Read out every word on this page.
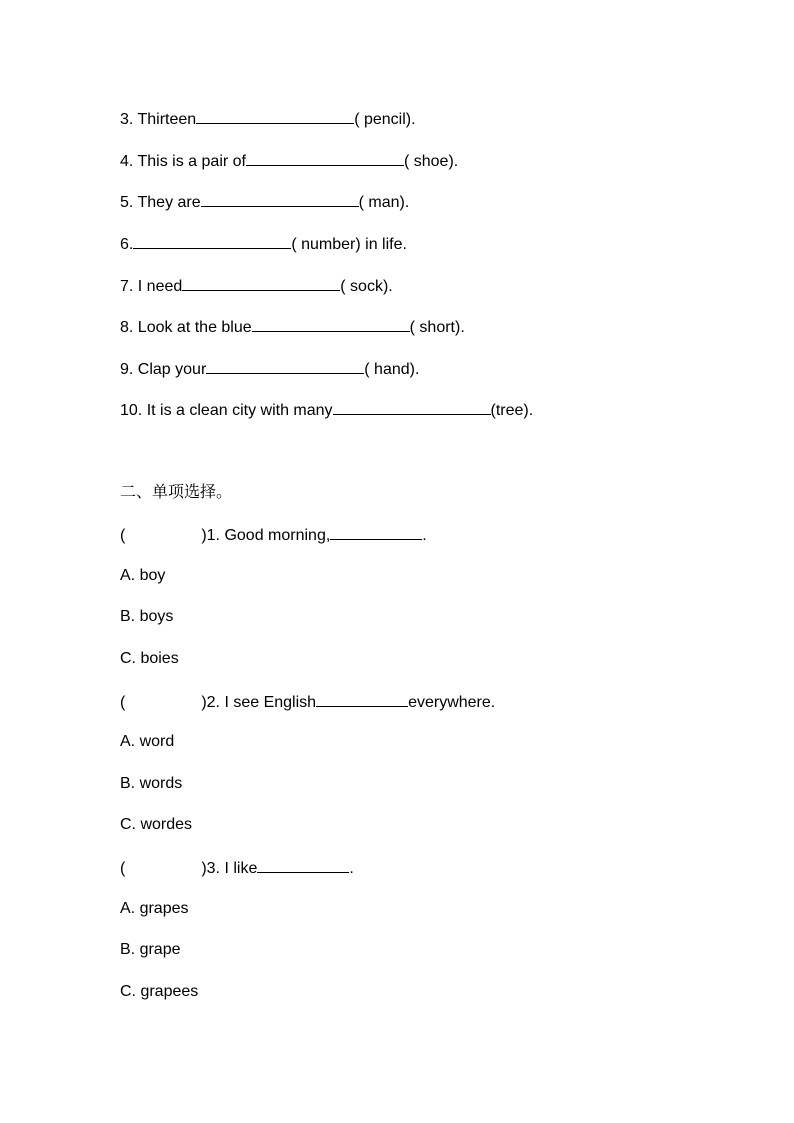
3. Thirteen	( pencil).
4. This is a pair of	( shoe).
5. They are	( man).
6.	( number) in life.
7. I need	( sock).
8. Look at the blue	( short).
9. Clap your	( hand).
10. It is a clean city with many	(tree).
二、单项选择。
(	)1. Good morning,	.
A. boy
B. boys
C. boies
(	)2. I see English	everywhere.
A. word
B. words
C. wordes
(	)3. I like	.
A. grapes
B. grape
C. grapees
